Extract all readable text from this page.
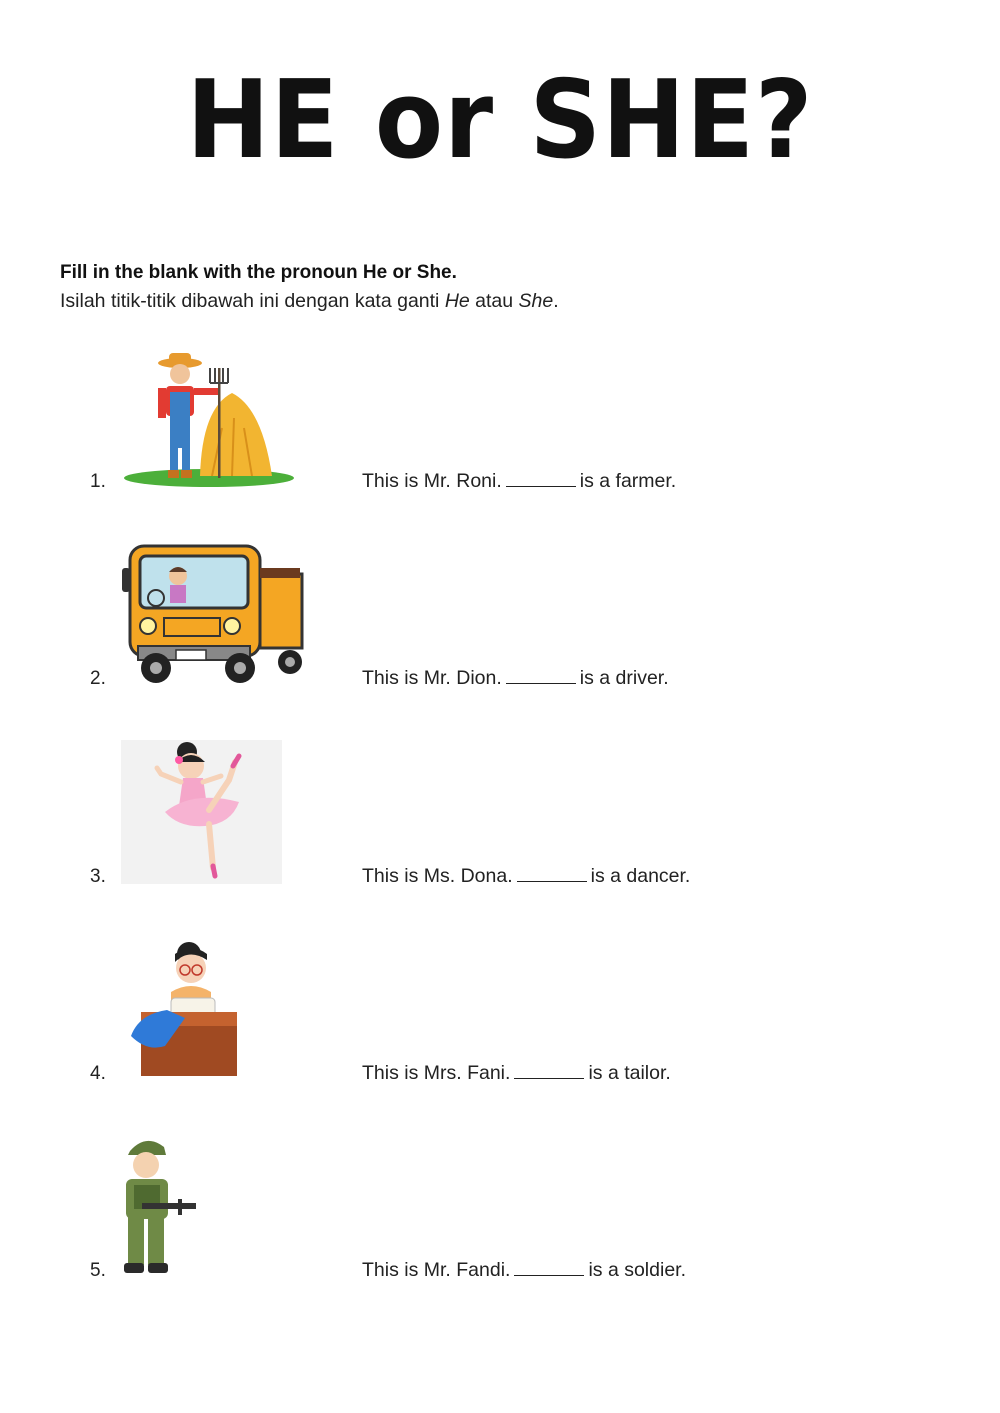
HE or SHE?
Fill in the blank with the pronoun He or She.
Isilah titik-titik dibawah ini dengan kata ganti He atau She.
1.	This is Mr. Roni.	is a farmer.
2.	This is Mr. Dion.	is a driver.
3.	This is Ms. Dona.	is a dancer.
4.	This is Mrs. Fani.	is a tailor.
5.	This is Mr. Fandi.	is a soldier.
